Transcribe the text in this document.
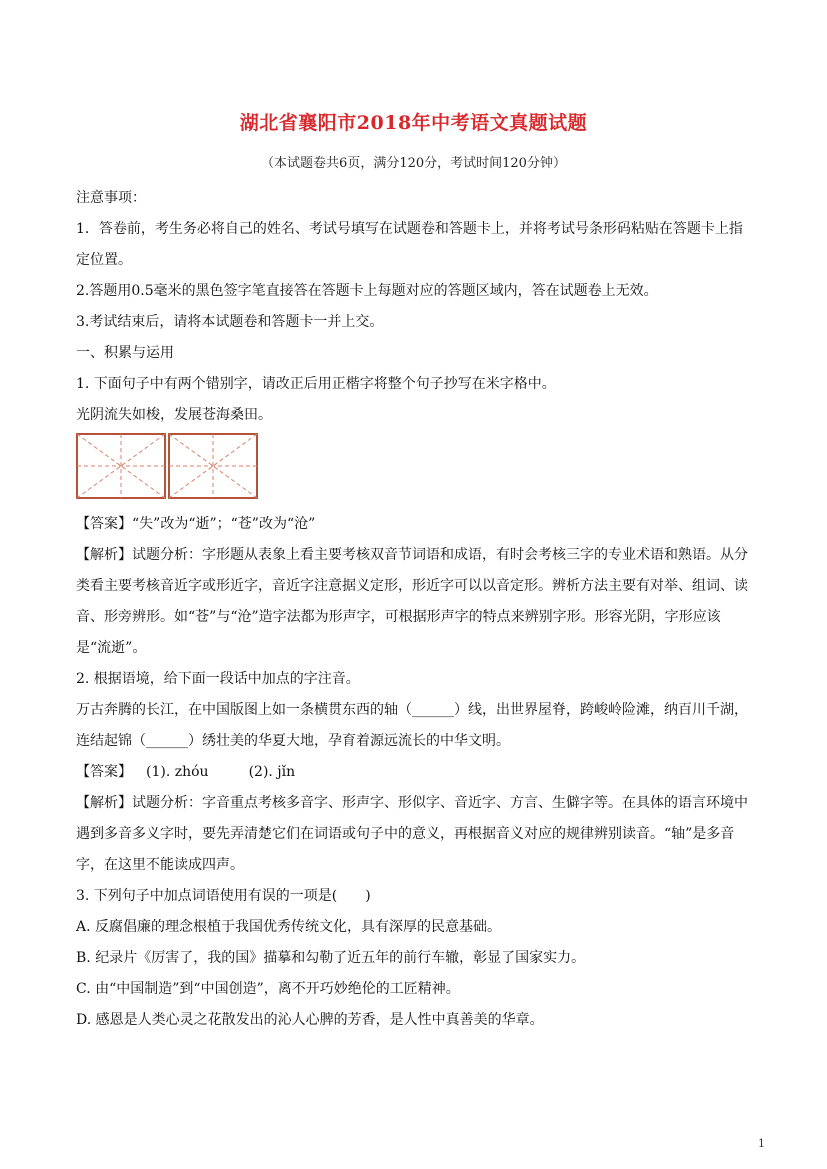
湖北省襄阳市2018年中考语文真题试题
（本试题卷共6页，满分120分，考试时间120分钟）

注意事项：

1．答卷前，考生务必将自己的姓名、考试号填写在试题卷和答题卡上，并将考试号条形码粘贴在答题卡上指定位置。

2.答题用0.5毫米的黑色签字笔直接答在答题卡上每题对应的答题区域内，答在试题卷上无效。

3.考试结束后，请将本试题卷和答题卡一并上交。

一、积累与运用

1. 下面句子中有两个错别字，请改正后用正楷字将整个句子抄写在米字格中。

光阴流失如梭，发展苍海桑田。

【答案】“失”改为“逝”；“苍”改为“沧”

【解析】试题分析：字形题从表象上看主要考核双音节词语和成语，有时会考核三字的专业术语和熟语。从分类看主要考核音近字或形近字，音近字注意据义定形，形近字可以以音定形。辨析方法主要有对举、组词、读音、形旁辨形。如“苍”与“沧”造字法都为形声字，可根据形声字的特点来辨别字形。形容光阴，字形应该是“流逝”。

2. 根据语境，给下面一段话中加点的字注音。

万古奔腾的长江，在中国版图上如一条横贯东西的轴（______）线，出世界屋脊，跨峻岭险滩，纳百川千湖，连结起锦（______）绣壮美的华夏大地，孕育着源远流长的中华文明。

【答案】 (1). zhóu	(2). jǐn

【解析】试题分析：字音重点考核多音字、形声字、形似字、音近字、方言、生僻字等。在具体的语言环境中遇到多音多义字时，要先弄清楚它们在词语或句子中的意义，再根据音义对应的规律辨别读音。“轴”是多音字，在这里不能读成四声。

3. 下列句子中加点词语使用有误的一项是(　　)

A. 反腐倡廉的理念根植于我国优秀传统文化，具有深厚的民意基础。

B. 纪录片《厉害了，我的国》描摹和勾勒了近五年的前行车辙，彰显了国家实力。

C. 由“中国制造”到“中国创造”，离不开巧妙绝伦的工匠精神。

D. 感恩是人类心灵之花散发出的沁人心脾的芳香，是人性中真善美的华章。

1
